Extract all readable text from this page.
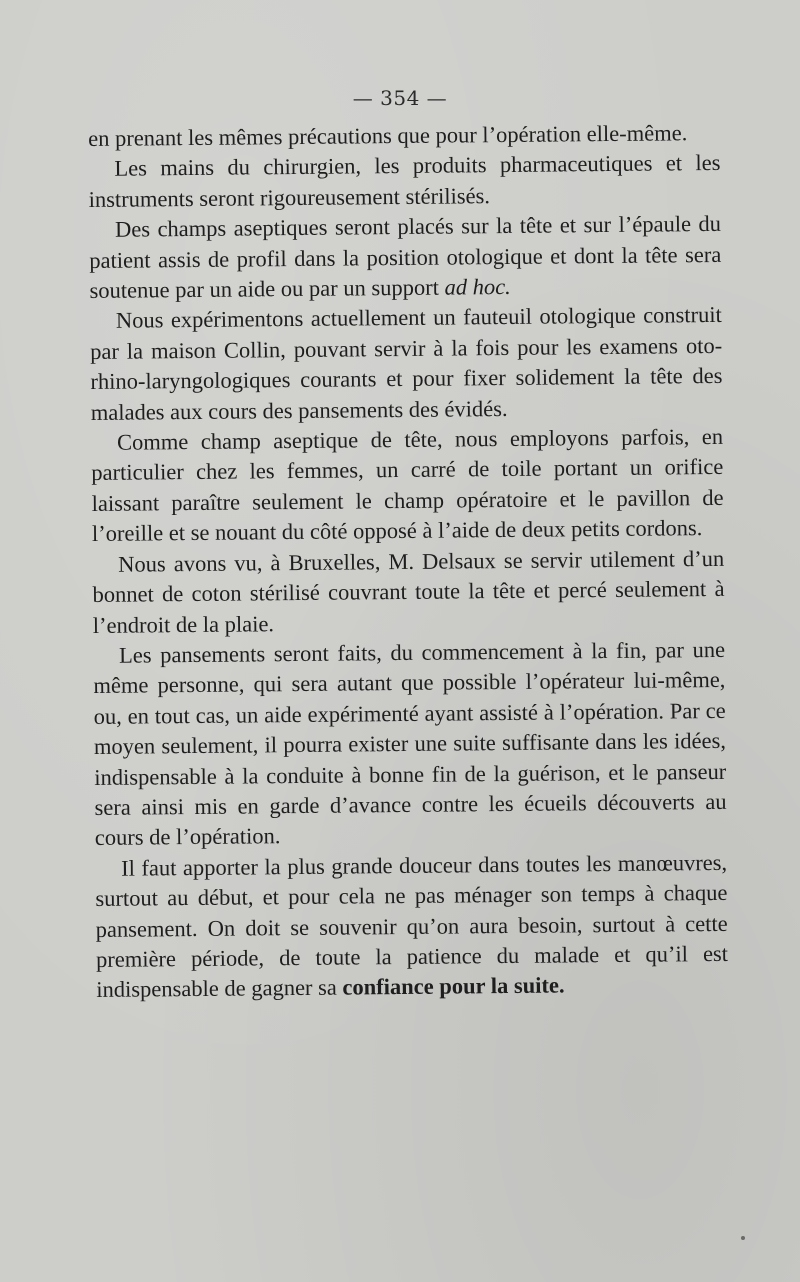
— 354 —

en prenant les mêmes précautions que pour l’opération elle-même.

Les mains du chirurgien, les produits pharmaceutiques et les instruments seront rigoureusement stérilisés.

Des champs aseptiques seront placés sur la tête et sur l’épaule du patient assis de profil dans la position otologique et dont la tête sera soutenue par un aide ou par un support ad hoc.

Nous expérimentons actuellement un fauteuil otologique construit par la maison Collin, pouvant servir à la fois pour les examens oto-rhino-laryngologiques courants et pour fixer solidement la tête des malades aux cours des pansements des évidés.

Comme champ aseptique de tête, nous employons parfois, en particulier chez les femmes, un carré de toile portant un orifice laissant paraître seulement le champ opératoire et le pavillon de l’oreille et se nouant du côté opposé à l’aide de deux petits cordons.

Nous avons vu, à Bruxelles, M. Delsaux se servir utilement d’un bonnet de coton stérilisé couvrant toute la tête et percé seulement à l’endroit de la plaie.

Les pansements seront faits, du commencement à la fin, par une même personne, qui sera autant que possible l’opérateur lui-même, ou, en tout cas, un aide expérimenté ayant assisté à l’opération. Par ce moyen seulement, il pourra exister une suite suffisante dans les idées, indispensable à la conduite à bonne fin de la guérison, et le panseur sera ainsi mis en garde d’avance contre les écueils découverts au cours de l’opération.

Il faut apporter la plus grande douceur dans toutes les manœuvres, surtout au début, et pour cela ne pas ménager son temps à chaque pansement. On doit se souvenir qu’on aura besoin, surtout à cette première période, de toute la patience du malade et qu’il est indispensable de gagner sa confiance pour la suite.
